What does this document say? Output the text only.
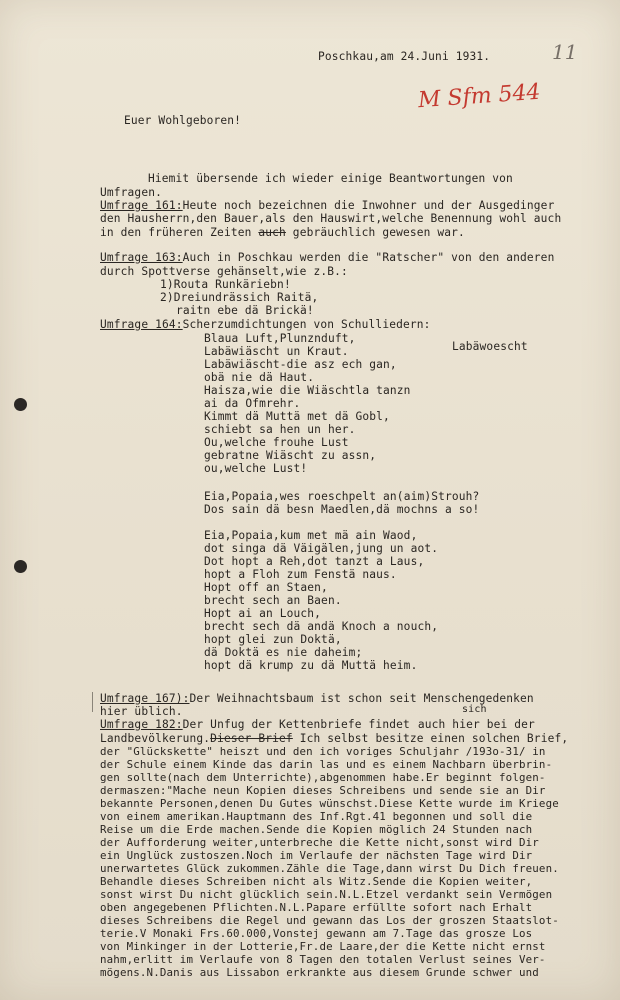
Poschkau,am 24.Juni 1931.	11
M Sfm 544
Euer Wohlgeboren!
Hiemit übersende ich wieder einige Beantwortungen von
Umfragen.
Umfrage 161:Heute noch bezeichnen die Inwohner und der Ausgedinger
den Hausherrn,den Bauer,als den Hauswirt,welche Benennung wohl auch
in den früheren Zeiten auch gebräuchlich gewesen war.
Umfrage 163:Auch in Poschkau werden die "Ratscher" von den anderen
durch Spottverse gehänselt,wie z.B.:
1)Routa Runkäriebn!
2)Dreiundrässich Raitä,
raitn ebe dä Brickä!
Umfrage 164:Scherzumdichtungen von Schulliedern:
Labäwoescht
Blaua Luft,Plunznduft,
Labäwiäscht un Kraut.
Labäwiäscht-die asz ech gan,
obä nie dä Haut.
Haisza,wie die Wiäschtla tanzn
ai da Ofmrehr.
Kimmt dä Muttä met dä Gobl,
schiebt sa hen un her.
Ou,welche frouhe Lust
gebratne Wiäscht zu assn,
ou,welche Lust!
Eia,Popaia,wes roeschpelt an(aim)Strouh?
Dos sain dä besn Maedlen,dä mochns a so!
Eia,Popaia,kum met mä ain Waod,
dot singa dä Väigälen,jung un aot.
Dot hopt a Reh,dot tanzt a Laus,
hopt a Floh zum Fenstä naus.
Hopt off an Staen,
brecht sech an Baen.
Hopt ai an Louch,
brecht sech dä andä Knoch a nouch,
hopt glei zun Doktä,
dä Doktä es nie daheim;
hopt dä krump zu dä Muttä heim.
Umfrage 167):Der Weihnachtsbaum ist schon seit Menschengedenken
sich
hier üblich.
Umfrage 182:Der Unfug der Kettenbriefe findet auch hier bei der
Landbevölkerung.Dieser Brief Ich selbst besitze einen solchen Brief,
der "Glückskette" heiszt und den ich voriges Schuljahr /193o-31/ in
der Schule einem Kinde das darin las und es einem Nachbarn überbrin-
gen sollte(nach dem Unterrichte),abgenommen habe.Er beginnt folgen-
dermaszen:"Mache neun Kopien dieses Schreibens und sende sie an Dir
bekannte Personen,denen Du Gutes wünschst.Diese Kette wurde im Kriege
von einem amerikan.Hauptmann des Inf.Rgt.41 begonnen und soll die
Reise um die Erde machen.Sende die Kopien möglich 24 Stunden nach
der Aufforderung weiter,unterbreche die Kette nicht,sonst wird Dir
ein Unglück zustoszen.Noch im Verlaufe der nächsten Tage wird Dir
unerwartetes Glück zukommen.Zähle die Tage,dann wirst Du Dich freuen.
Behandle dieses Schreiben nicht als Witz.Sende die Kopien weiter,
sonst wirst Du nicht glücklich sein.N.L.Etzel verdankt sein Vermögen
oben angegebenen Pflichten.N.L.Papare erfüllte sofort nach Erhalt
dieses Schreibens die Regel und gewann das Los der groszen Staatslot-
terie.V Monaki Frs.60.000,Vonstej gewann am 7.Tage das grosze Los
von Minkinger in der Lotterie,Fr.de Laare,der die Kette nicht ernst
nahm,erlitt im Verlaufe von 8 Tagen den totalen Verlust seines Ver-
mögens.N.Danis aus Lissabon erkrankte aus diesem Grunde schwer und
